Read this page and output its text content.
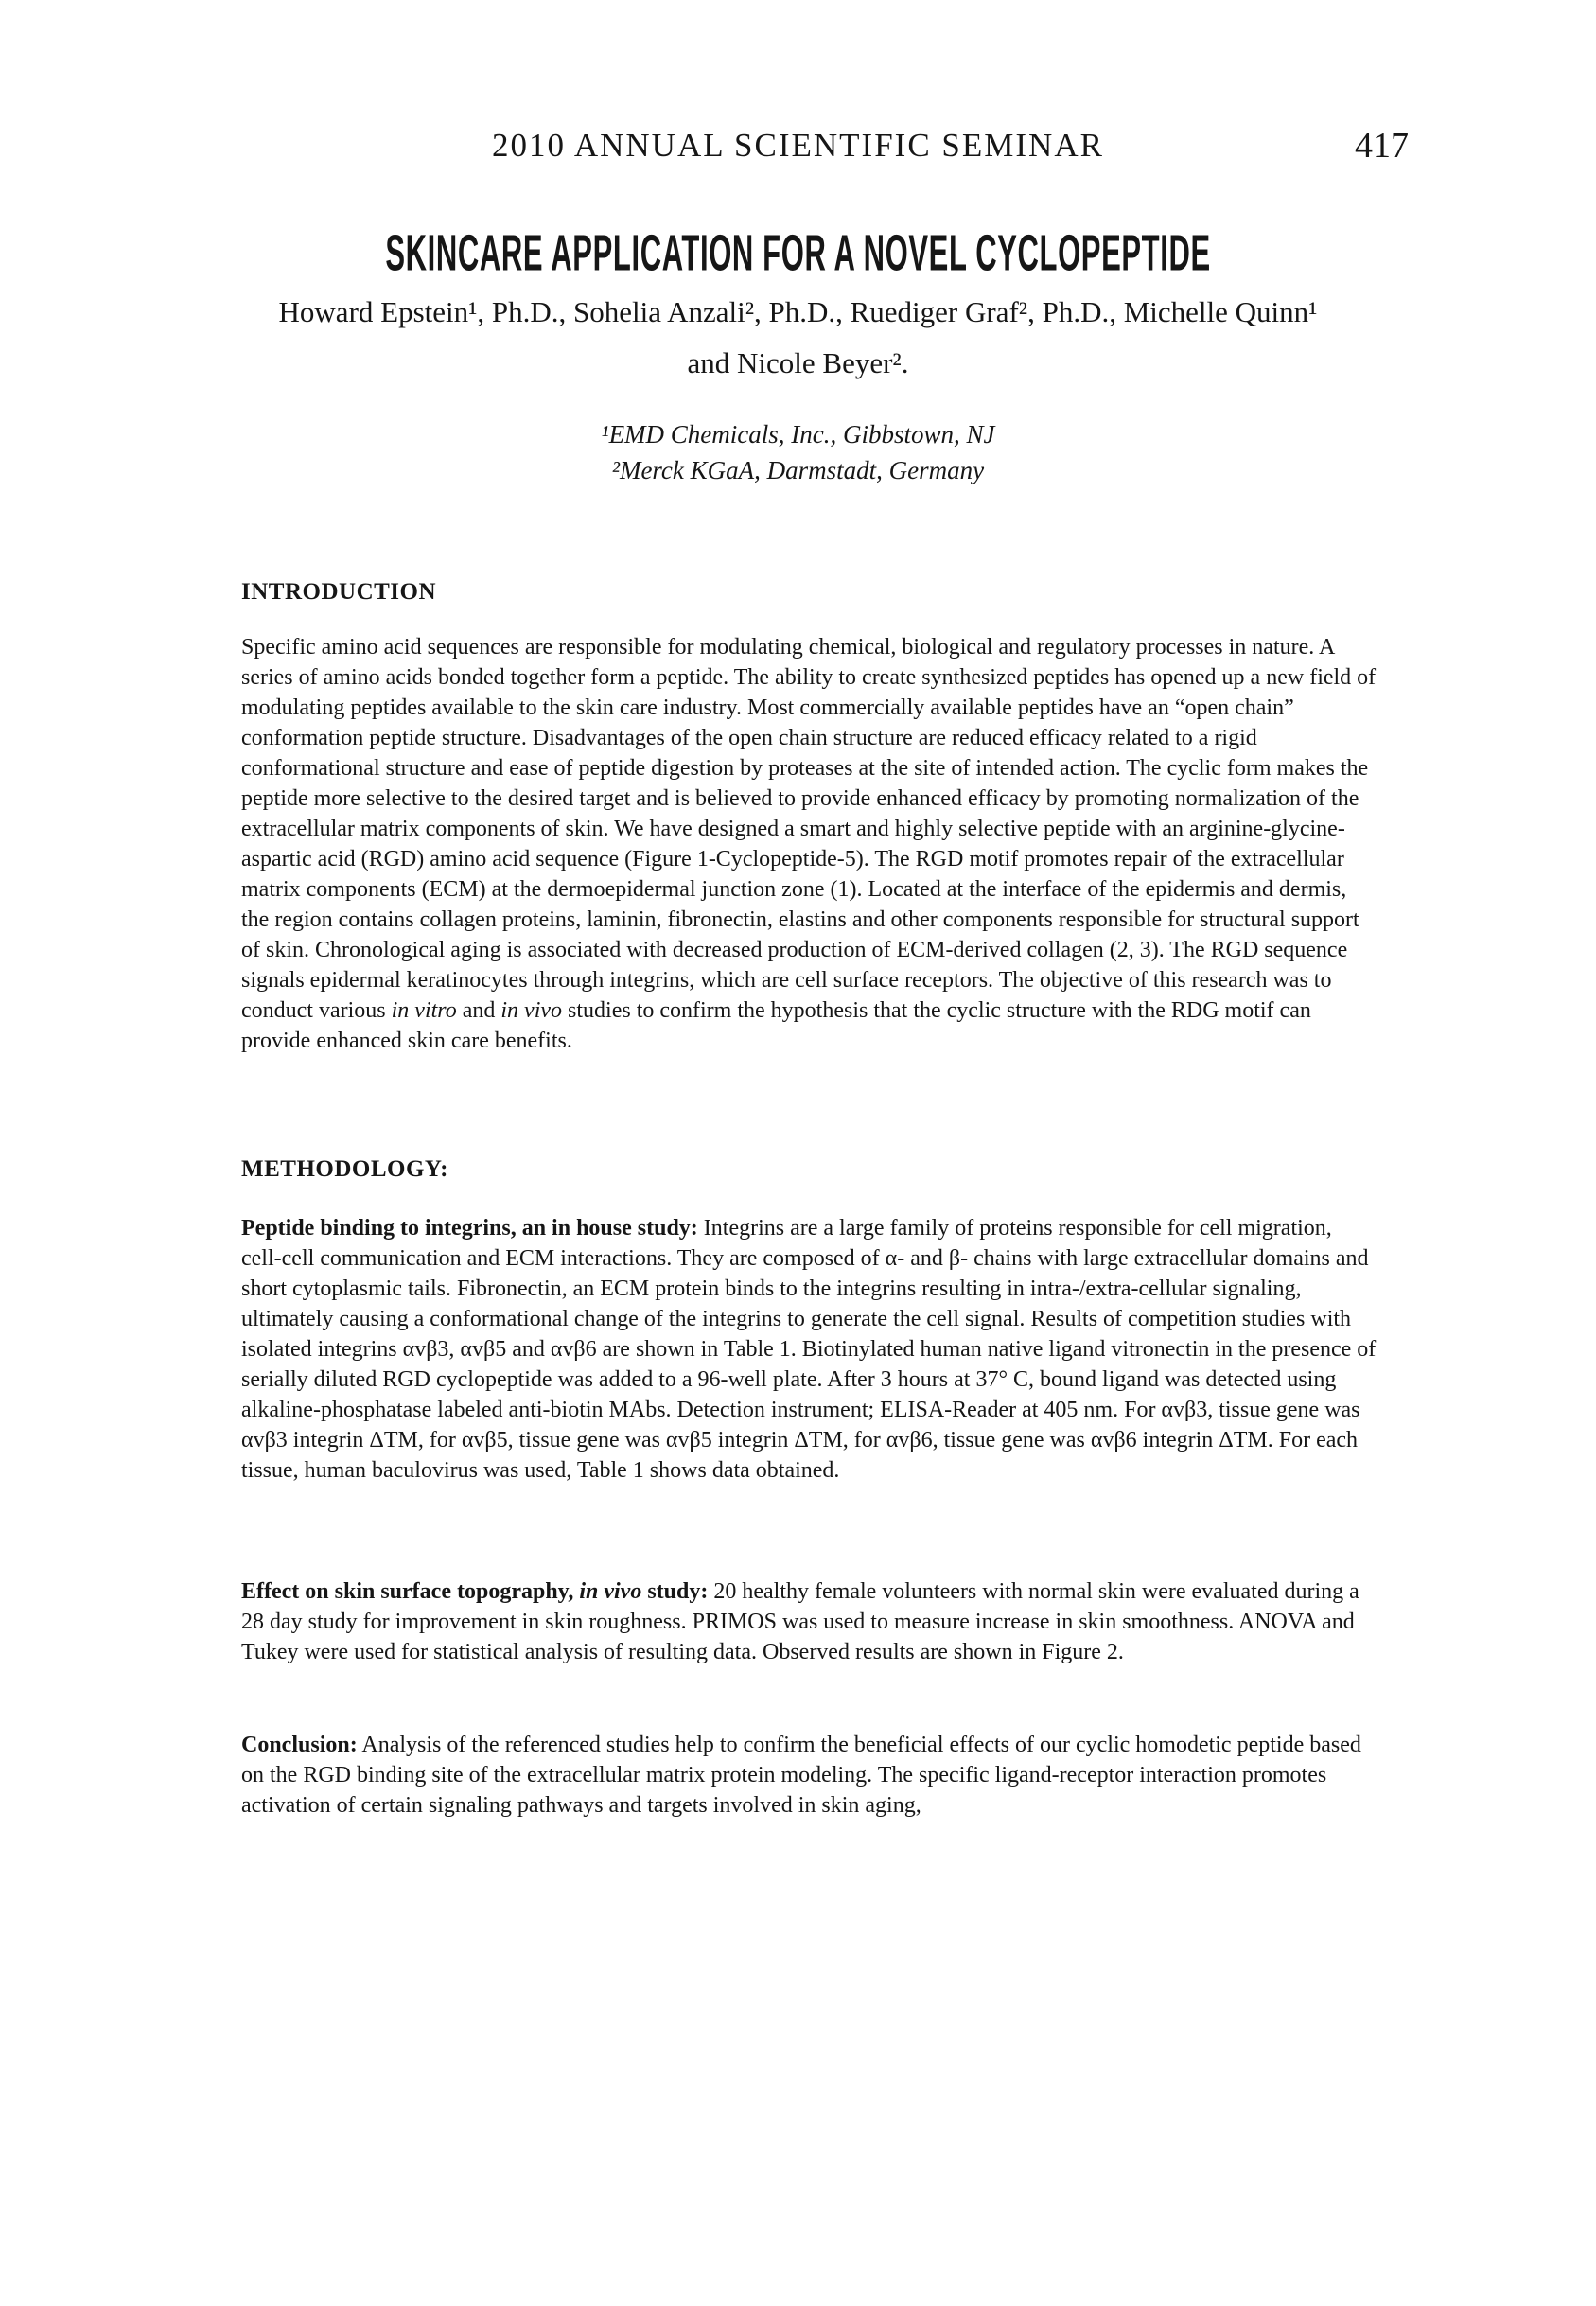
2010 ANNUAL SCIENTIFIC SEMINAR	417
SKINCARE APPLICATION FOR A NOVEL CYCLOPEPTIDE
Howard Epstein¹, Ph.D., Sohelia Anzali², Ph.D., Ruediger Graf², Ph.D., Michelle Quinn¹
and Nicole Beyer².
¹EMD Chemicals, Inc., Gibbstown, NJ
²Merck KGaA, Darmstadt, Germany
INTRODUCTION

Specific amino acid sequences are responsible for modulating chemical, biological and regulatory processes in nature. A series of amino acids bonded together form a peptide. The ability to create synthesized peptides has opened up a new field of modulating peptides available to the skin care industry. Most commercially available peptides have an “open chain” conformation peptide structure. Disadvantages of the open chain structure are reduced efficacy related to a rigid conformational structure and ease of peptide digestion by proteases at the site of intended action. The cyclic form makes the peptide more selective to the desired target and is believed to provide enhanced efficacy by promoting normalization of the extracellular matrix components of skin. We have designed a smart and highly selective peptide with an arginine-glycine-aspartic acid (RGD) amino acid sequence (Figure 1-Cyclopeptide-5). The RGD motif promotes repair of the extracellular matrix components (ECM) at the dermoepidermal junction zone (1). Located at the interface of the epidermis and dermis, the region contains collagen proteins, laminin, fibronectin, elastins and other components responsible for structural support of skin. Chronological aging is associated with decreased production of ECM-derived collagen (2, 3). The RGD sequence signals epidermal keratinocytes through integrins, which are cell surface receptors. The objective of this research was to conduct various in vitro and in vivo studies to confirm the hypothesis that the cyclic structure with the RDG motif can provide enhanced skin care benefits.

METHODOLOGY:

Peptide binding to integrins, an in house study: Integrins are a large family of proteins responsible for cell migration, cell-cell communication and ECM interactions. They are composed of α- and β- chains with large extracellular domains and short cytoplasmic tails. Fibronectin, an ECM protein binds to the integrins resulting in intra-/extra-cellular signaling, ultimately causing a conformational change of the integrins to generate the cell signal. Results of competition studies with isolated integrins αvβ3, αvβ5 and αvβ6 are shown in Table 1. Biotinylated human native ligand vitronectin in the presence of serially diluted RGD cyclopeptide was added to a 96-well plate. After 3 hours at 37° C, bound ligand was detected using alkaline-phosphatase labeled anti-biotin MAbs. Detection instrument; ELISA-Reader at 405 nm. For αvβ3, tissue gene was αvβ3 integrin ΔTM, for αvβ5, tissue gene was αvβ5 integrin ΔTM, for αvβ6, tissue gene was αvβ6 integrin ΔTM. For each tissue, human baculovirus was used, Table 1 shows data obtained.

Effect on skin surface topography, in vivo study: 20 healthy female volunteers with normal skin were evaluated during a 28 day study for improvement in skin roughness. PRIMOS was used to measure increase in skin smoothness. ANOVA and Tukey were used for statistical analysis of resulting data. Observed results are shown in Figure 2.

Conclusion: Analysis of the referenced studies help to confirm the beneficial effects of our cyclic homodetic peptide based on the RGD binding site of the extracellular matrix protein modeling. The specific ligand-receptor interaction promotes activation of certain signaling pathways and targets involved in skin aging,
